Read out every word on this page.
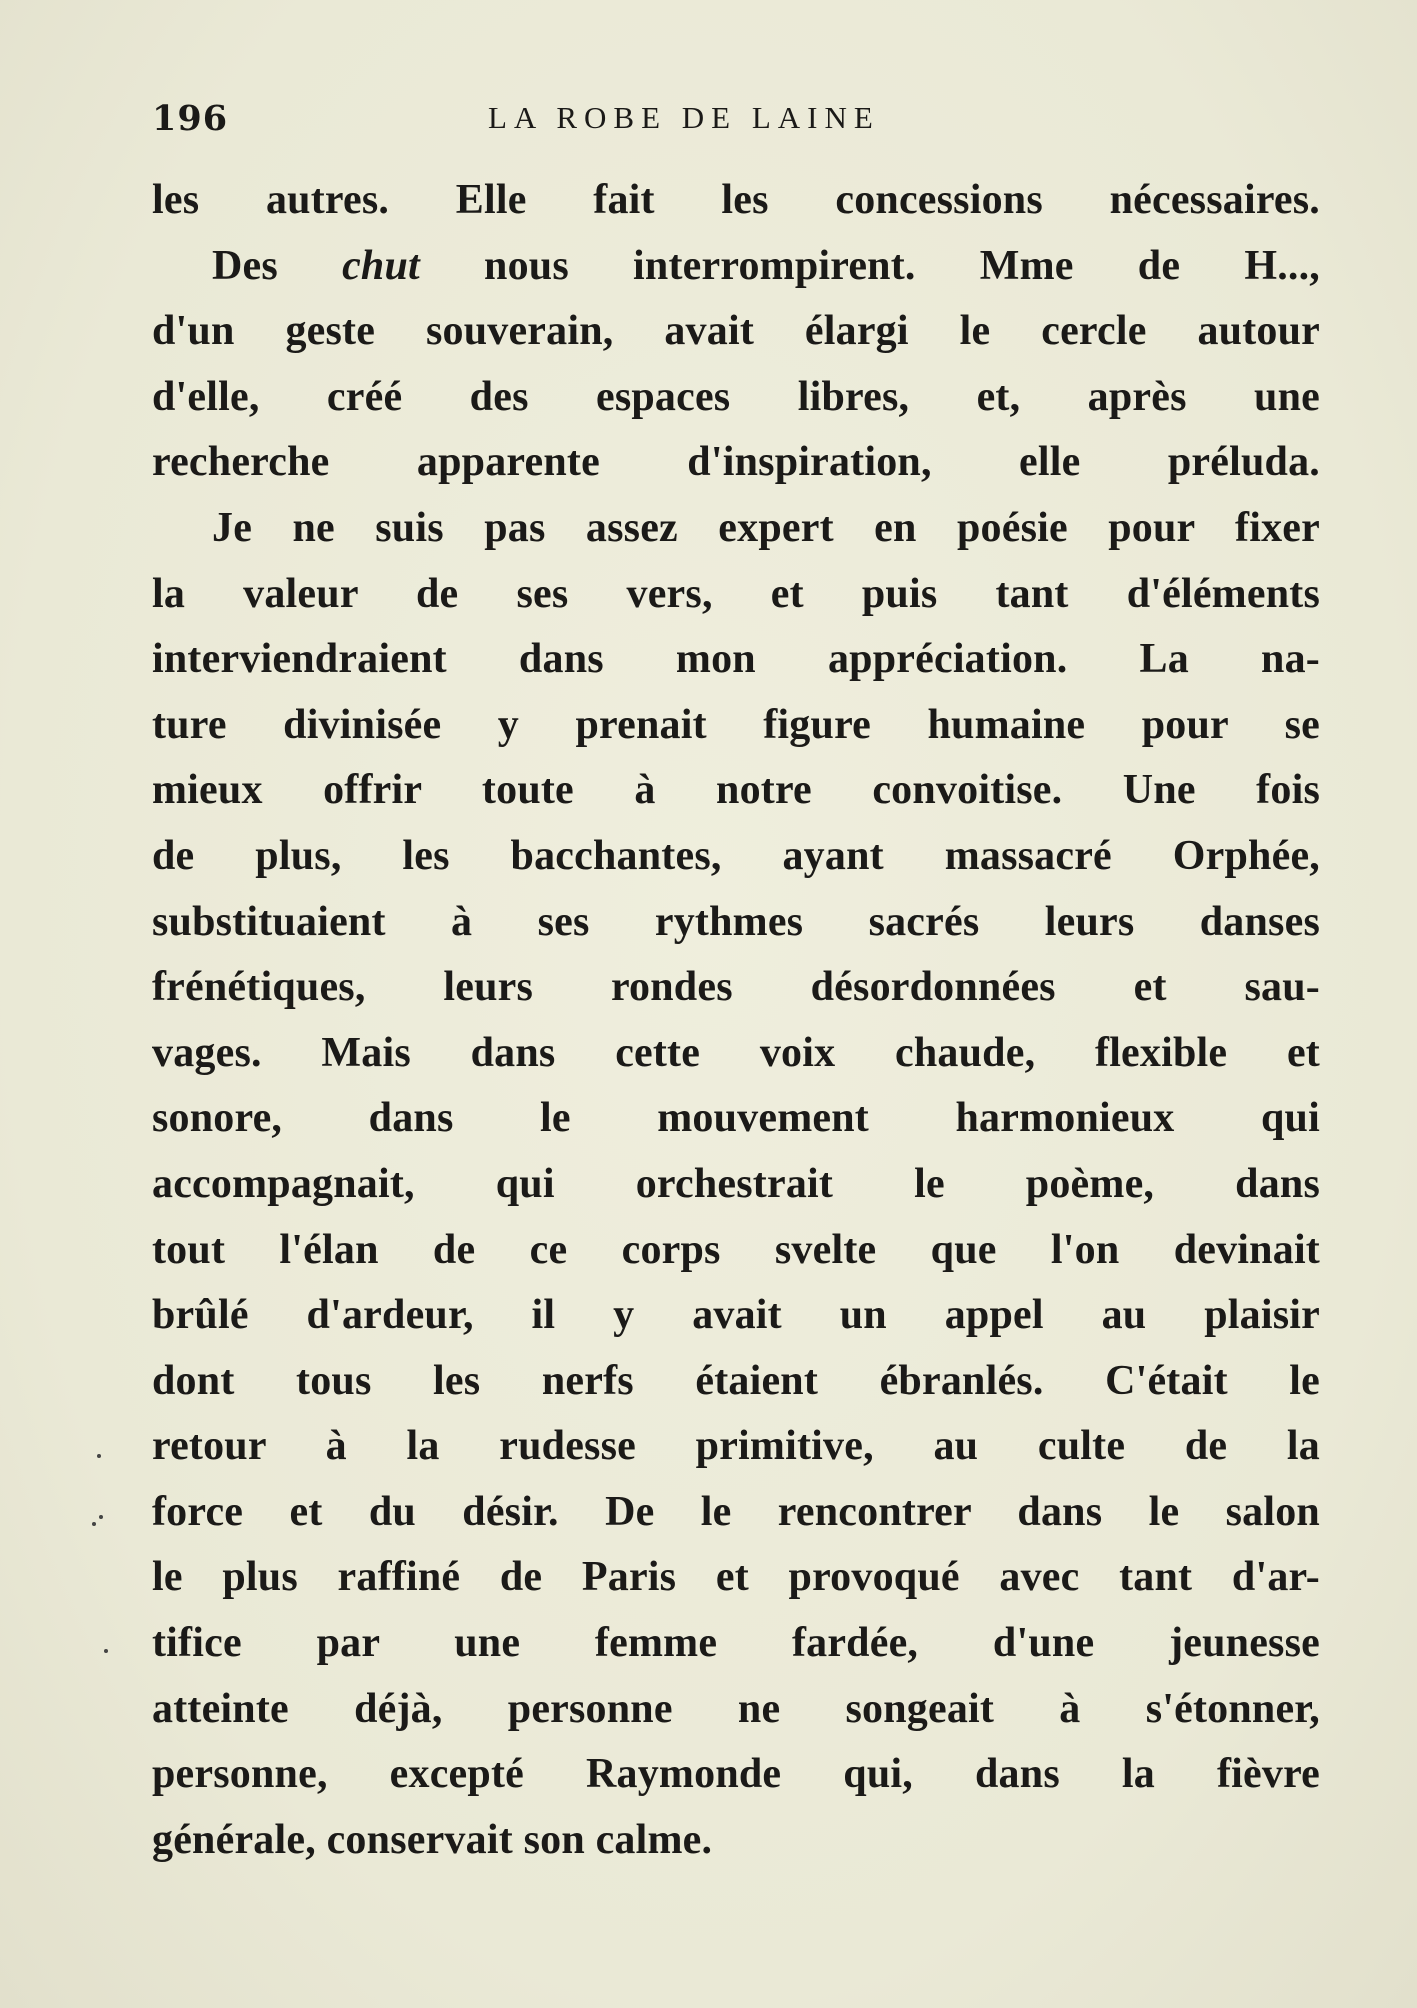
196	LA ROBE DE LAINE
les autres. Elle fait les concessions nécessaires.
Des chut nous interrompirent. Mme de H...,
d'un geste souverain, avait élargi le cercle autour
d'elle, créé des espaces libres, et, après une
recherche apparente d'inspiration, elle préluda.
Je ne suis pas assez expert en poésie pour fixer
la valeur de ses vers, et puis tant d'éléments
interviendraient dans mon appréciation. La na-
ture divinisée y prenait figure humaine pour se
mieux offrir toute à notre convoitise. Une fois
de plus, les bacchantes, ayant massacré Orphée,
substituaient à ses rythmes sacrés leurs danses
frénétiques, leurs rondes désordonnées et sau-
vages. Mais dans cette voix chaude, flexible et
sonore, dans le mouvement harmonieux qui
accompagnait, qui orchestrait le poème, dans
tout l'élan de ce corps svelte que l'on devinait
brûlé d'ardeur, il y avait un appel au plaisir
dont tous les nerfs étaient ébranlés. C'était le
retour à la rudesse primitive, au culte de la
force et du désir. De le rencontrer dans le salon
le plus raffiné de Paris et provoqué avec tant d'ar-
tifice par une femme fardée, d'une jeunesse
atteinte déjà, personne ne songeait à s'étonner,
personne, excepté Raymonde qui, dans la fièvre
générale, conservait son calme.
